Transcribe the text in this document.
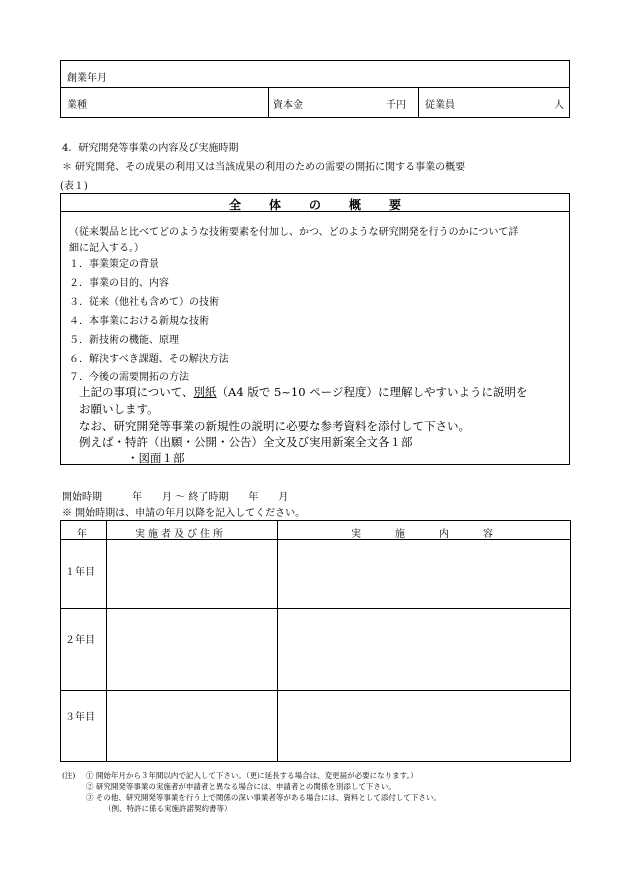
創業年月
業種	資本金	千円 従業員	人
4．研究開発等事業の内容及び実施時期
＊ 研究開発、その成果の利用又は当該成果の利用のための需要の開拓に関する事業の概要
(表１)
全体の概要
（従来製品と比べてどのような技術要素を付加し、かつ、どのような研究開発を行うのかについて詳
細に記入する。）
１．事業策定の背景
２．事業の目的、内容
３．従来（他社も含めて）の技術
４．本事業における新規な技術
５．新技術の機能、原理
６．解決すべき課題、その解決方法
７．今後の需要開拓の方法
上記の事項について、別紙（A4 版で 5~10 ページ程度）に理解しやすいように説明を
お願いします。
なお、研究開発等事業の新規性の説明に必要な参考資料を添付して下さい。
例えば・特許（出願・公開・公告）全文及び実用新案全文各１部
・図面１部
開始時期　　　年　　月 ～ 終了時期　　年　　月
※ 開始時期は、申請の年月以降を記入してください。
年	実施者及び住所	実　施　内　容
１年目
２年目
３年目
(注) ① 開始年月から３年間以内で記入して下さい。（更に延長する場合は、変更届が必要になります。）
② 研究開発等事業の実施者が申請者と異なる場合には、申請者との関係を別添して下さい。
③ その他、研究開発等事業を行う上で関係の深い事業者等がある場合には、資料として添付して下さい。
（例、特許に係る実施許諾契約書等）
